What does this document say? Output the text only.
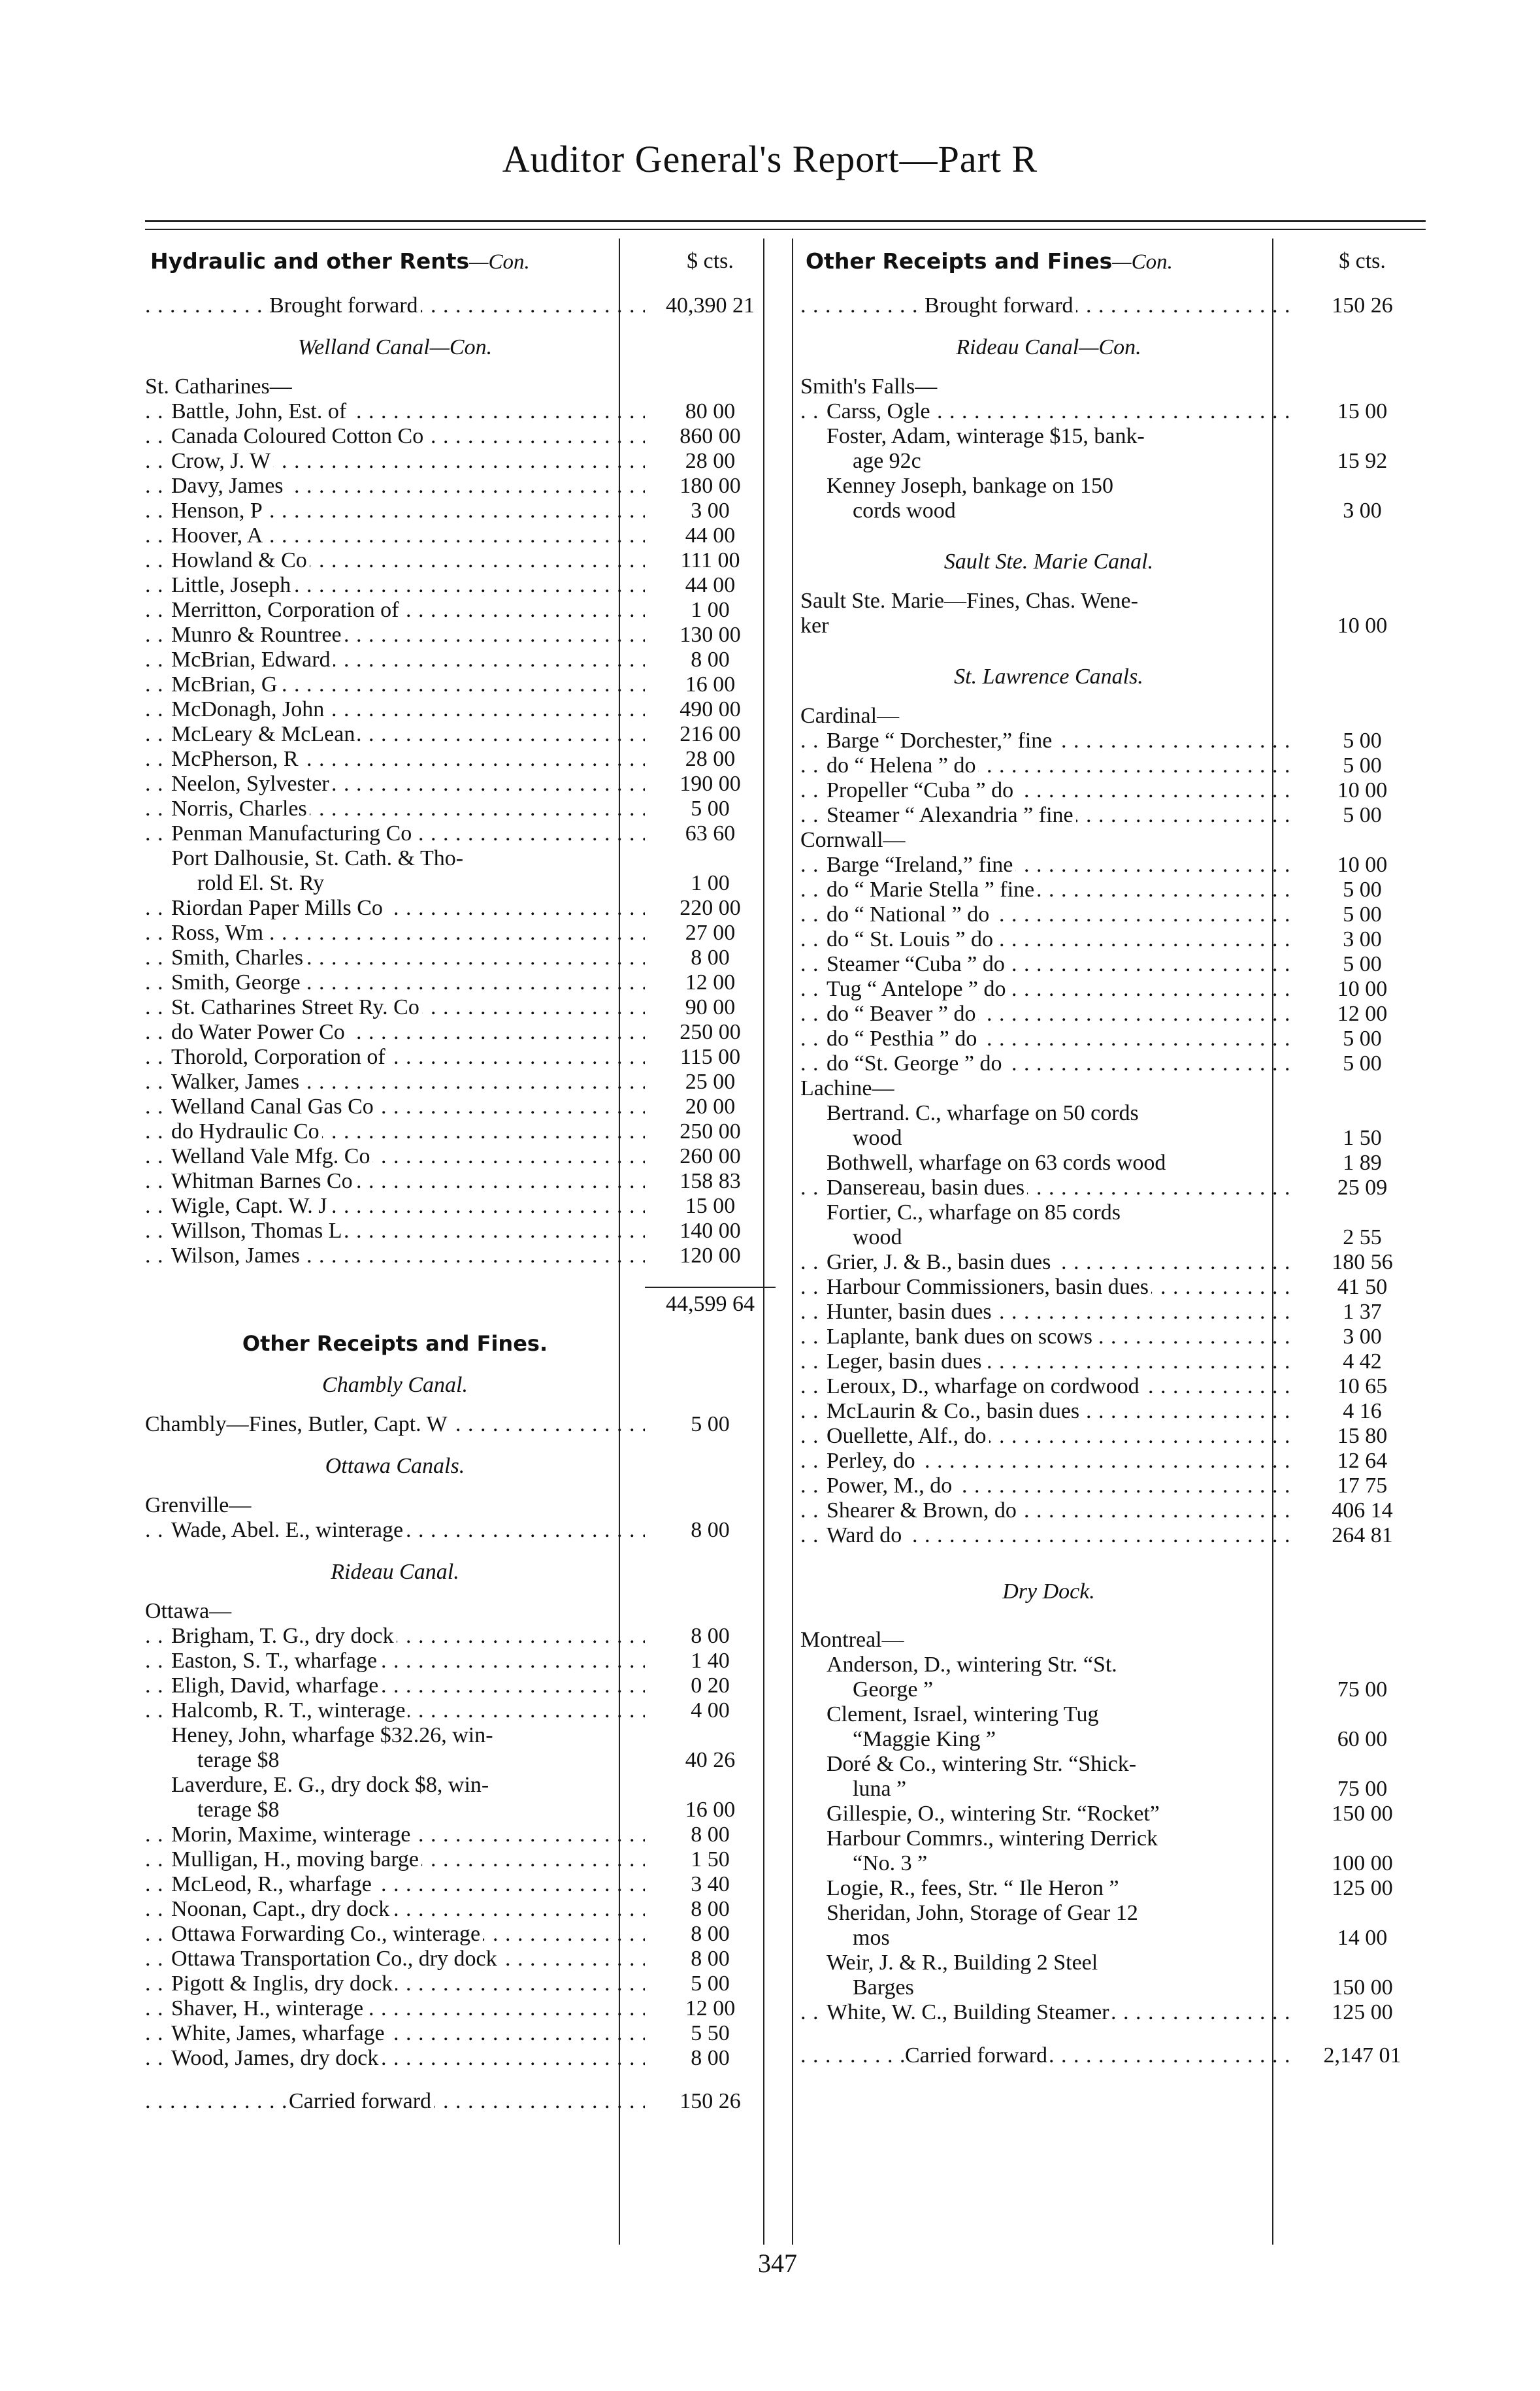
Auditor General's Report—Part R
Hydraulic and other Rents—Con.	$ cts.
Brought forward . . .	40,390 21
Welland Canal—Con.
St. Catharines—
Battle, John, Est. of . . .	80 00
Canada Coloured Cotton Co . . .	860 00
Crow, J. W . . .	28 00
Davy, James . . .	180 00
Henson, P . . .	3 00
Hoover, A . . .	44 00
Howland & Co . . .	111 00
Little, Joseph . . .	44 00
Merritton, Corporation of . . .	1 00
Munro & Rountree . . .	130 00
McBrian, Edward . . .	8 00
McBrian, G . . .	16 00
McDonagh, John . . .	490 00
McLeary & McLean . . .	216 00
McPherson, R . . .	28 00
Neelon, Sylvester . . .	190 00
Norris, Charles . . .	5 00
Penman Manufacturing Co . . .	63 60
Port Dalhousie, St. Cath. & Tho-
rold El. St. Ry	1 00
Riordan Paper Mills Co . . .	220 00
Ross, Wm . . .	27 00
Smith, Charles . . .	8 00
Smith, George . . .	12 00
St. Catharines Street Ry. Co . . .	90 00
do Water Power Co . . .	250 00
Thorold, Corporation of . . .	115 00
Walker, James . . .	25 00
Welland Canal Gas Co . . .	20 00
do Hydraulic Co . . .	250 00
Welland Vale Mfg. Co . . .	260 00
Whitman Barnes Co . . .	158 83
Wigle, Capt. W. J . . .	15 00
Willson, Thomas L . . .	140 00
Wilson, James . . .	120 00
44,599 64
Other Receipts and Fines.
Chambly Canal.
Chambly—Fines, Butler, Capt. W . . .	5 00
Ottawa Canals.
Grenville—
Wade, Abel. E., winterage . . .	8 00
Rideau Canal.
Ottawa—
Brigham, T. G., dry dock . . .	8 00
Easton, S. T., wharfage . . .	1 40
Eligh, David, wharfage . . .	0 20
Halcomb, R. T., winterage . . .	4 00
Heney, John, wharfage $32.26, win-
terage $8	40 26
Laverdure, E. G., dry dock $8, win-
terage $8	16 00
Morin, Maxime, winterage . . .	8 00
Mulligan, H., moving barge . . .	1 50
McLeod, R., wharfage . . .	3 40
Noonan, Capt., dry dock . . .	8 00
Ottawa Forwarding Co., winterage . . .	8 00
Ottawa Transportation Co., dry dock . . .	8 00
Pigott & Inglis, dry dock . . .	5 00
Shaver, H., winterage . . .	12 00
White, James, wharfage . . .	5 50
Wood, James, dry dock . . .	8 00
Carried forward . . .	150 26
Other Receipts and Fines—Con.	$ cts.
Brought forward . . .	150 26
Rideau Canal—Con.
Smith's Falls—
Carss, Ogle . . .	15 00
Foster, Adam, winterage $15, bank-
age 92c	15 92
Kenney Joseph, bankage on 150
cords wood	3 00
Sault Ste. Marie Canal.
Sault Ste. Marie—Fines, Chas. Wene-
ker	10 00
St. Lawrence Canals.
Cardinal—
Barge “ Dorchester,” fine . . .	5 00
do “ Helena ” do . . .	5 00
Propeller “Cuba ” do . . .	10 00
Steamer “ Alexandria ” fine . . .	5 00
Cornwall—
Barge “Ireland,” fine . . .	10 00
do “ Marie Stella ” fine . . .	5 00
do “ National ” do . . .	5 00
do “ St. Louis ” do . . .	3 00
Steamer “Cuba ” do . . .	5 00
Tug “ Antelope ” do . . .	10 00
do “ Beaver ” do . . .	12 00
do “ Pesthia ” do . . .	5 00
do “St. George ” do . . .	5 00
Lachine—
Bertrand. C., wharfage on 50 cords
wood	1 50
Bothwell, wharfage on 63 cords wood	1 89
Dansereau, basin dues . . .	25 09
Fortier, C., wharfage on 85 cords
wood	2 55
Grier, J. & B., basin dues . . .	180 56
Harbour Commissioners, basin dues . . .	41 50
Hunter, basin dues . . .	1 37
Laplante, bank dues on scows . . .	3 00
Leger, basin dues . . .	4 42
Leroux, D., wharfage on cordwood . . .	10 65
McLaurin & Co., basin dues . . .	4 16
Ouellette, Alf., do . . .	15 80
Perley, do . . .	12 64
Power, M., do . . .	17 75
Shearer & Brown, do . . .	406 14
Ward do . . .	264 81
Dry Dock.
Montreal—
Anderson, D., wintering Str. “St.
George ”	75 00
Clement, Israel, wintering Tug
“Maggie King ”	60 00
Doré & Co., wintering Str. “Shick-
luna ”	75 00
Gillespie, O., wintering Str. “Rocket”	150 00
Harbour Commrs., wintering Derrick
“No. 3 ”	100 00
Logie, R., fees, Str. “ Ile Heron ”	125 00
Sheridan, John, Storage of Gear 12
mos	14 00
Weir, J. & R., Building 2 Steel
Barges	150 00
White, W. C., Building Steamer . . .	125 00
Carried forward . . .	2,147 01
347
